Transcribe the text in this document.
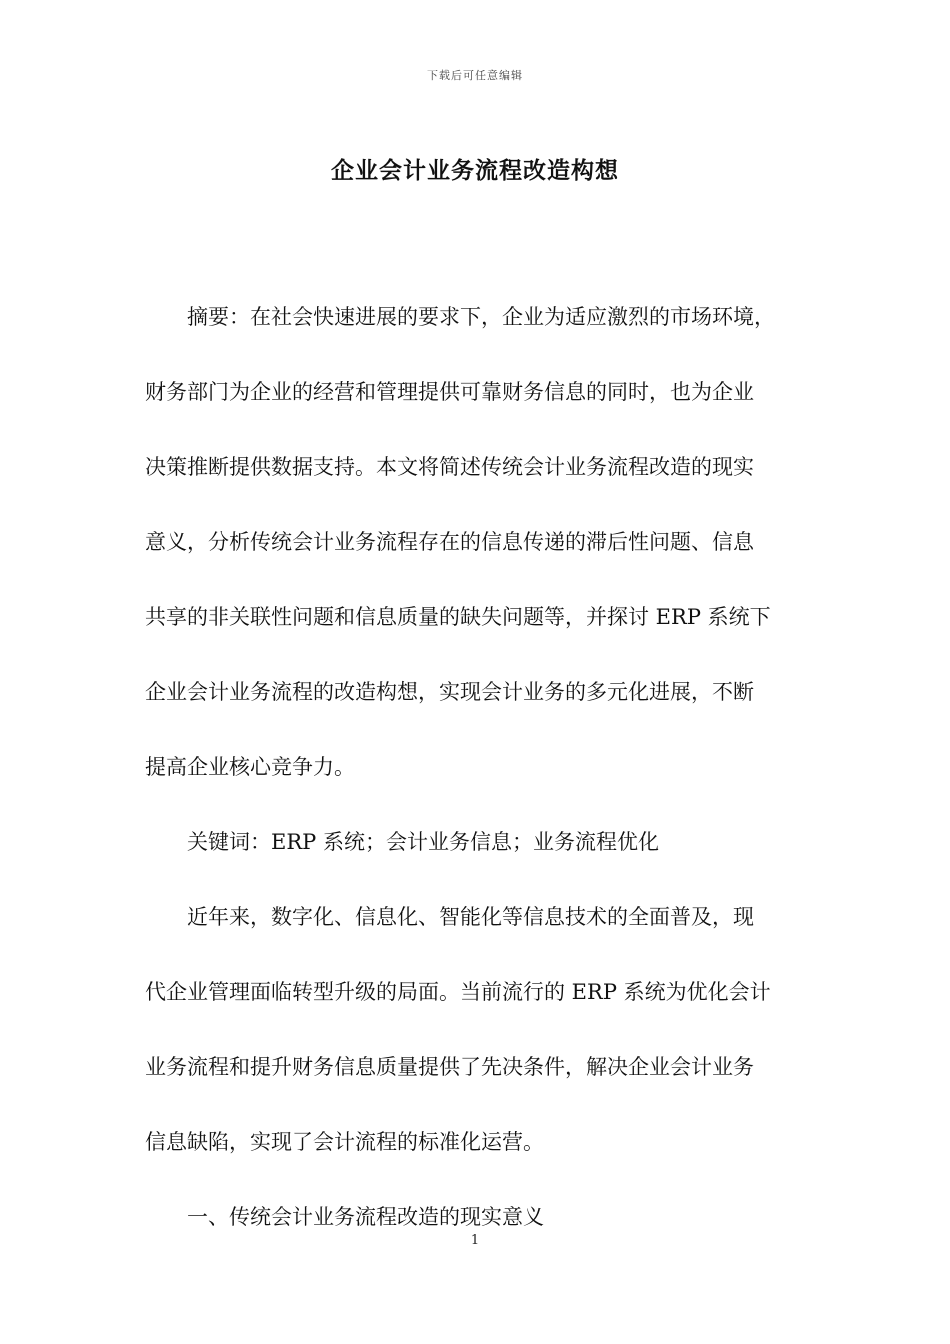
下载后可任意编辑
企业会计业务流程改造构想

　　摘要：在社会快速进展的要求下，企业为适应激烈的市场环境，
财务部门为企业的经营和管理提供可靠财务信息的同时，也为企业
决策推断提供数据支持。本文将简述传统会计业务流程改造的现实
意义，分析传统会计业务流程存在的信息传递的滞后性问题、信息
共享的非关联性问题和信息质量的缺失问题等，并探讨 ERP 系统下
企业会计业务流程的改造构想，实现会计业务的多元化进展，不断
提高企业核心竞争力。

　　关键词：ERP 系统；会计业务信息；业务流程优化

　　近年来，数字化、信息化、智能化等信息技术的全面普及，现
代企业管理面临转型升级的局面。当前流行的 ERP 系统为优化会计
业务流程和提升财务信息质量提供了先决条件，解决企业会计业务
信息缺陷，实现了会计流程的标准化运营。

　　一、传统会计业务流程改造的现实意义

1
